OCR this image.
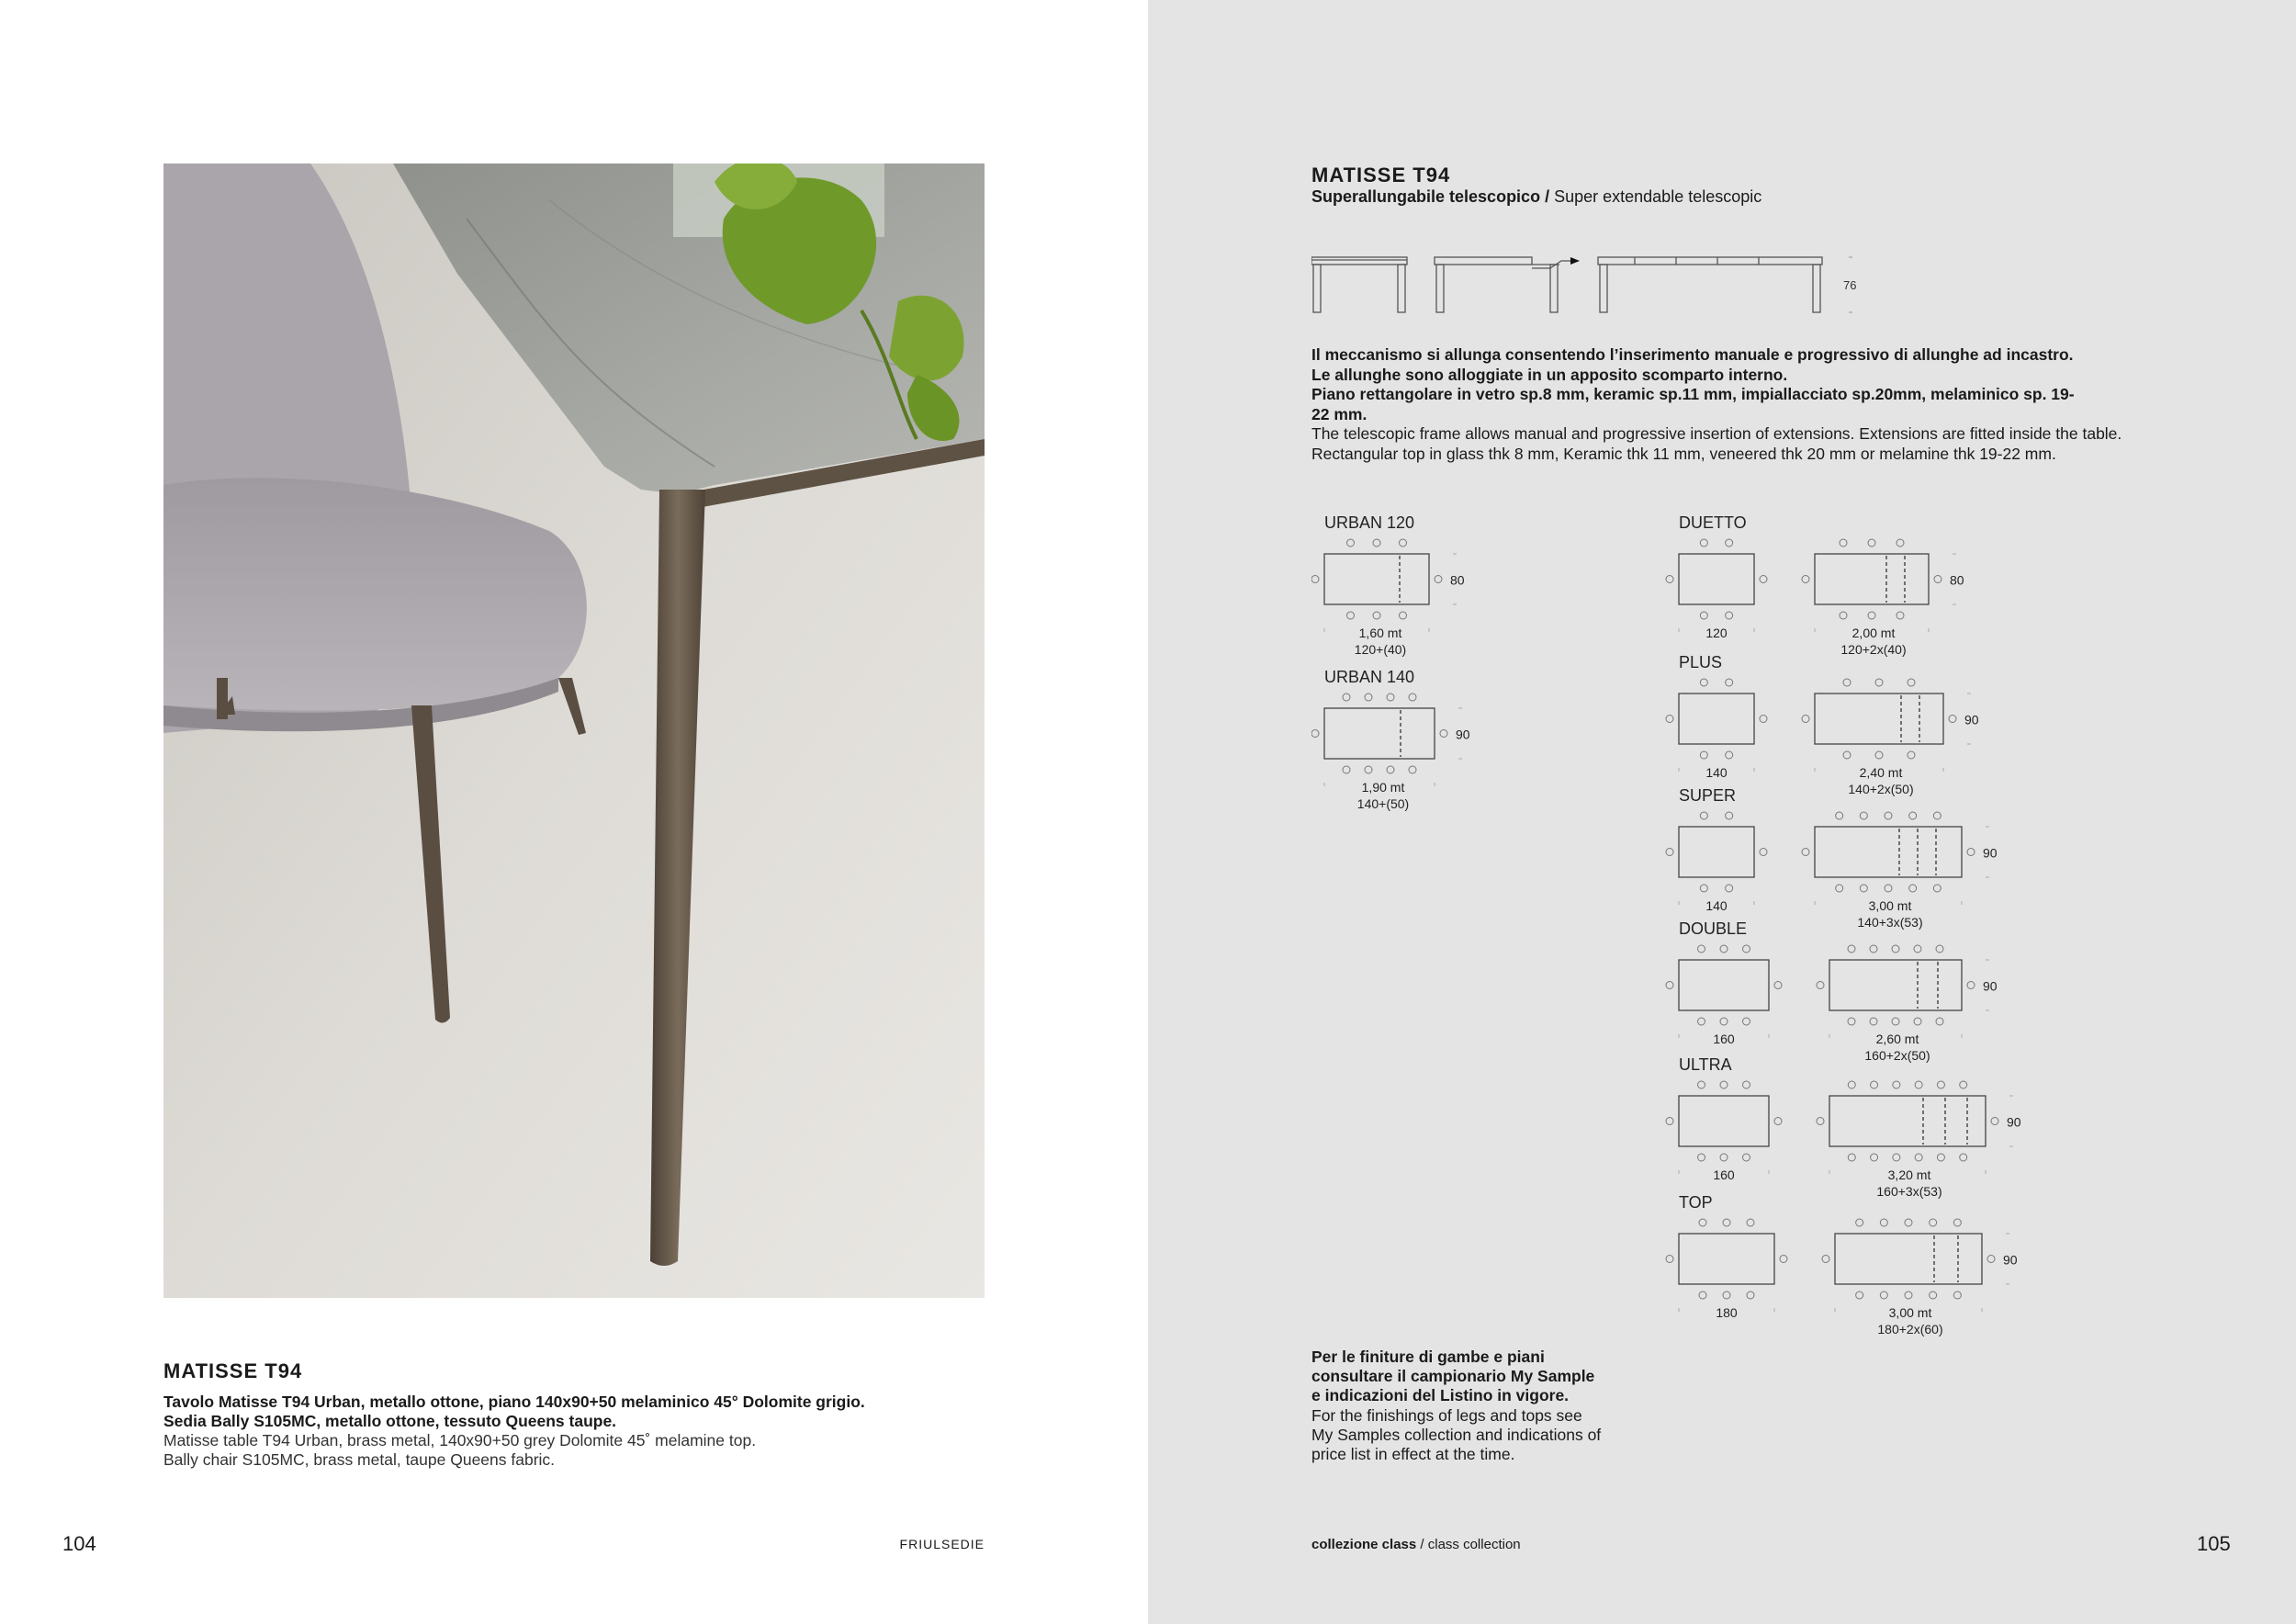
MATISSE T94
Tavolo Matisse T94 Urban, metallo ottone, piano 140x90+50 melaminico 45° Dolomite grigio.
Sedia Bally S105MC, metallo ottone, tessuto Queens taupe.
Matisse table T94 Urban, brass metal, 140x90+50 grey Dolomite 45˚ melamine top.
Bally chair S105MC, brass metal, taupe Queens fabric.
104	FRIULSEDIE
MATISSE T94
Superallungabile telescopico / Super extendable telescopic
76
Il meccanismo si allunga consentendo l’inserimento manuale e progressivo di allunghe ad incastro.
Le allunghe sono alloggiate in un apposito scomparto interno.
Piano rettangolare in vetro sp.8 mm, keramic sp.11 mm, impiallacciato sp.20mm, melaminico sp. 19-22 mm.
The telescopic frame allows manual and progressive insertion of extensions. Extensions are fitted inside the table.
Rectangular top in glass thk 8 mm, Keramic thk 11 mm, veneered thk 20 mm or melamine thk 19-22 mm.
URBAN 120
80
1,60 mt
120+(40)
URBAN 140
90
1,90 mt
140+(50)
DUETTO
120
80
2,00 mt
120+2x(40)
PLUS
140
90
2,40 mt
140+2x(50)
SUPER
140
90
3,00 mt
140+3x(53)
DOUBLE
160
90
2,60 mt
160+2x(50)
ULTRA
160
90
3,20 mt
160+3x(53)
TOP
180
90
3,00 mt
180+2x(60)
Per le finiture di gambe e piani
consultare il campionario My Sample
e indicazioni del Listino in vigore.
For the finishings of legs and tops see
My Samples collection and indications of
price list in effect at the time.
collezione class / class collection	105
